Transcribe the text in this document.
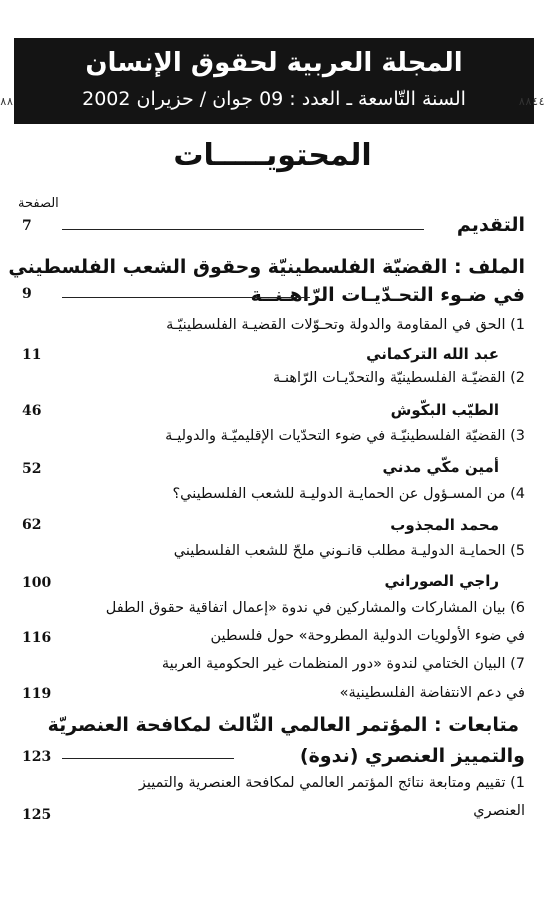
المجلة العربية لحقوق الإنسان
السنة التّاسعة ـ العدد : 09 جوان / حزيران 2002
٨٨	٨٨٤٤
المحتويـــــات
الصفحة
التقديم
7
الملف : القضيّة الفلسطينيّة وحقوق الشعب الفلسطيني
في ضـوء التحـدّيـات الرّاهـنــة
9
1) الحق في المقاومة والدولة وتحـوّلات القضيـة الفلسطينيّـة
عبد الله التركماني
11
2) القضيّـة الفلسطينيّة والتحدّيـات الرّاهنـة
الطيّب البكّوش
46
3) القضيّة الفلسطينيّـة في ضوء التحدّيات الإقليميّـة والدوليـة
أمين مكّي مدني
52
4) من المسـؤول عن الحمايـة الدوليـة للشعب الفلسطيني؟
محمد المجذوب
62
5) الحمايـة الدوليـة مطلب قانـوني ملحّ للشعب الفلسطيني
راجي الصوراني
100
6) بيان المشاركات والمشاركين في ندوة «إعمال اتفاقية حقوق الطفل
في ضوء الأولويات الدولية المطروحة» حول فلسطين
116
7) البيان الختامي لندوة «دور المنظمات غير الحكومية العربية
في دعم الانتفاضة الفلسطينية»
119
متابعات : المؤتمر العالمي الثّالث لمكافحة العنصريّة
والتمييز العنصري (ندوة)
123
1) تقييم ومتابعة نتائج المؤتمر العالمي لمكافحة العنصرية والتمييز
العنصري
125
